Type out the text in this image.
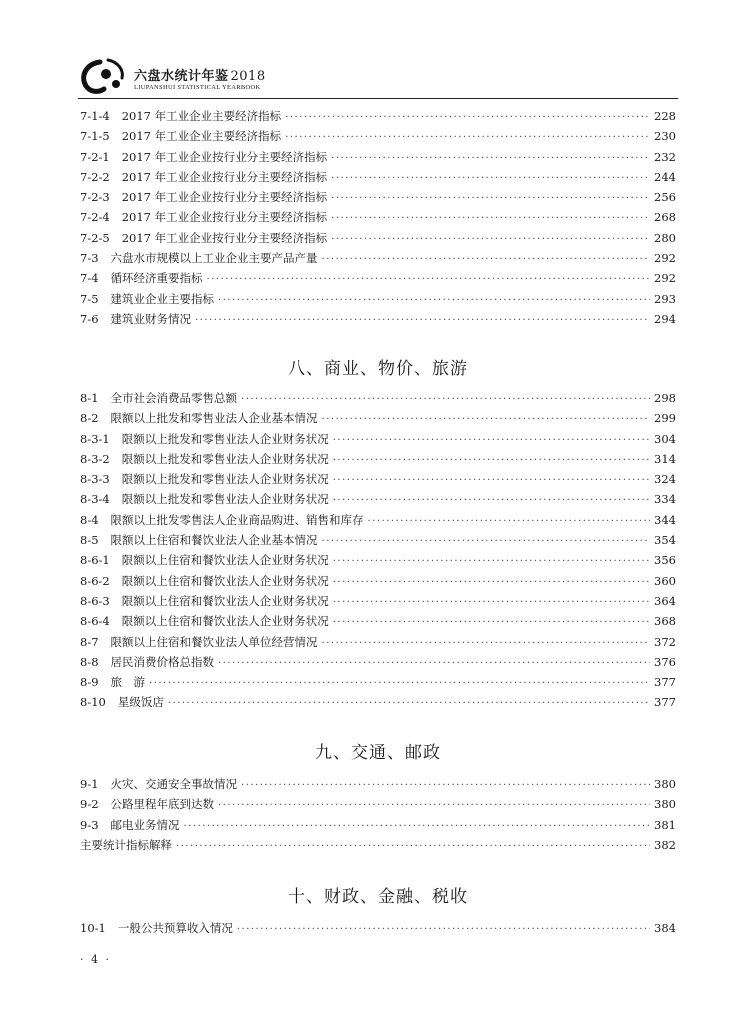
六盘水统计年鉴 2018
LIUPANSHUI STATISTICAL YEARBOOK
7-1-4 2017 年工业企业主要经济指标 ·····	228
7-1-5 2017 年工业企业主要经济指标 ·····	230
7-2-1 2017 年工业企业按行业分主要经济指标 ·····	232
7-2-2 2017 年工业企业按行业分主要经济指标 ·····	244
7-2-3 2017 年工业企业按行业分主要经济指标 ·····	256
7-2-4 2017 年工业企业按行业分主要经济指标 ·····	268
7-2-5 2017 年工业企业按行业分主要经济指标 ·····	280
7-3 六盘水市规模以上工业企业主要产品产量 ·····	292
7-4 循环经济重要指标 ·····	292
7-5 建筑业企业主要指标 ·····	293
7-6 建筑业财务情况 ·····	294
八、商业、物价、旅游
8-1 全市社会消费品零售总额 ·····	298
8-2 限额以上批发和零售业法人企业基本情况 ·····	299
8-3-1 限额以上批发和零售业法人企业财务状况 ·····	304
8-3-2 限额以上批发和零售业法人企业财务状况 ·····	314
8-3-3 限额以上批发和零售业法人企业财务状况 ·····	324
8-3-4 限额以上批发和零售业法人企业财务状况 ·····	334
8-4 限额以上批发零售法人企业商品购进、销售和库存 ·····	344
8-5 限额以上住宿和餐饮业法人企业基本情况 ·····	354
8-6-1 限额以上住宿和餐饮业法人企业财务状况 ·····	356
8-6-2 限额以上住宿和餐饮业法人企业财务状况 ·····	360
8-6-3 限额以上住宿和餐饮业法人企业财务状况 ·····	364
8-6-4 限额以上住宿和餐饮业法人企业财务状况 ·····	368
8-7 限额以上住宿和餐饮业法人单位经营情况 ·····	372
8-8 居民消费价格总指数 ·····	376
8-9 旅　游 ·····	377
8-10 星级饭店 ·····	377
九、交通、邮政
9-1 火灾、交通安全事故情况 ·····	380
9-2 公路里程年底到达数 ·····	380
9-3 邮电业务情况 ·····	381
主要统计指标解释 ·····	382
十、财政、金融、税收
10-1 一般公共预算收入情况 ·····	384
· 4 ·
